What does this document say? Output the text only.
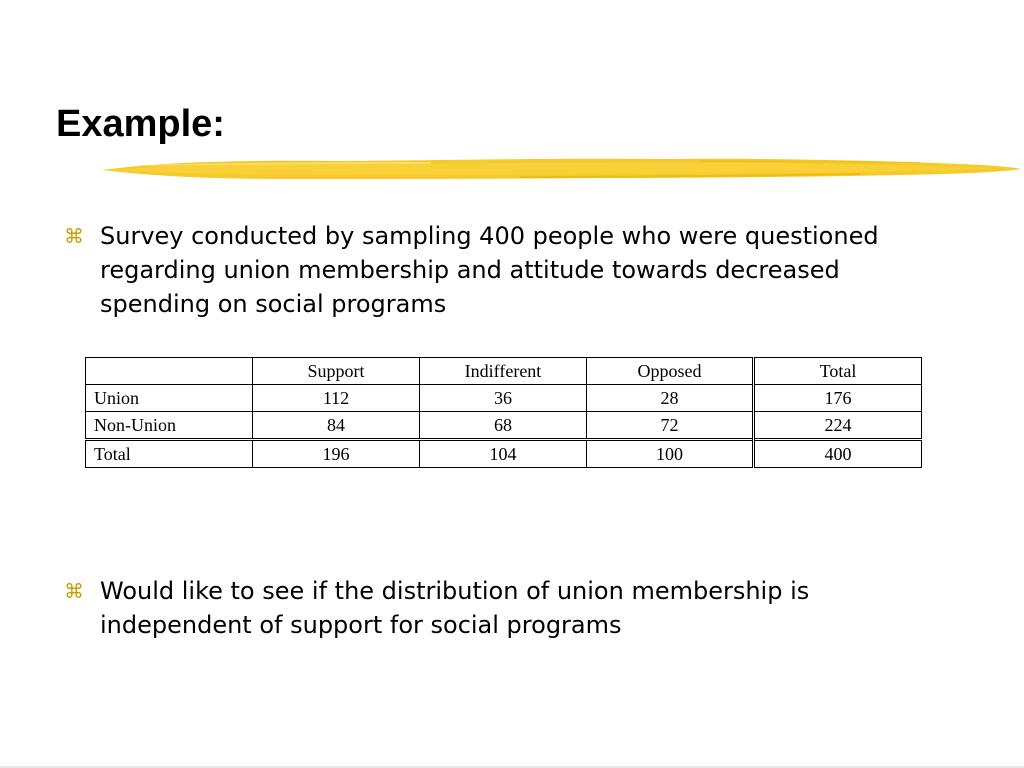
Example:
⌘ Survey conducted by sampling 400 people who were questioned regarding union membership and attitude towards decreased spending on social programs
	Support	Indifferent	Opposed	Total
Union	112	36	28	176
Non-Union	84	68	72	224
Total	196	104	100	400
⌘ Would like to see if the distribution of union membership is independent of support for social programs
